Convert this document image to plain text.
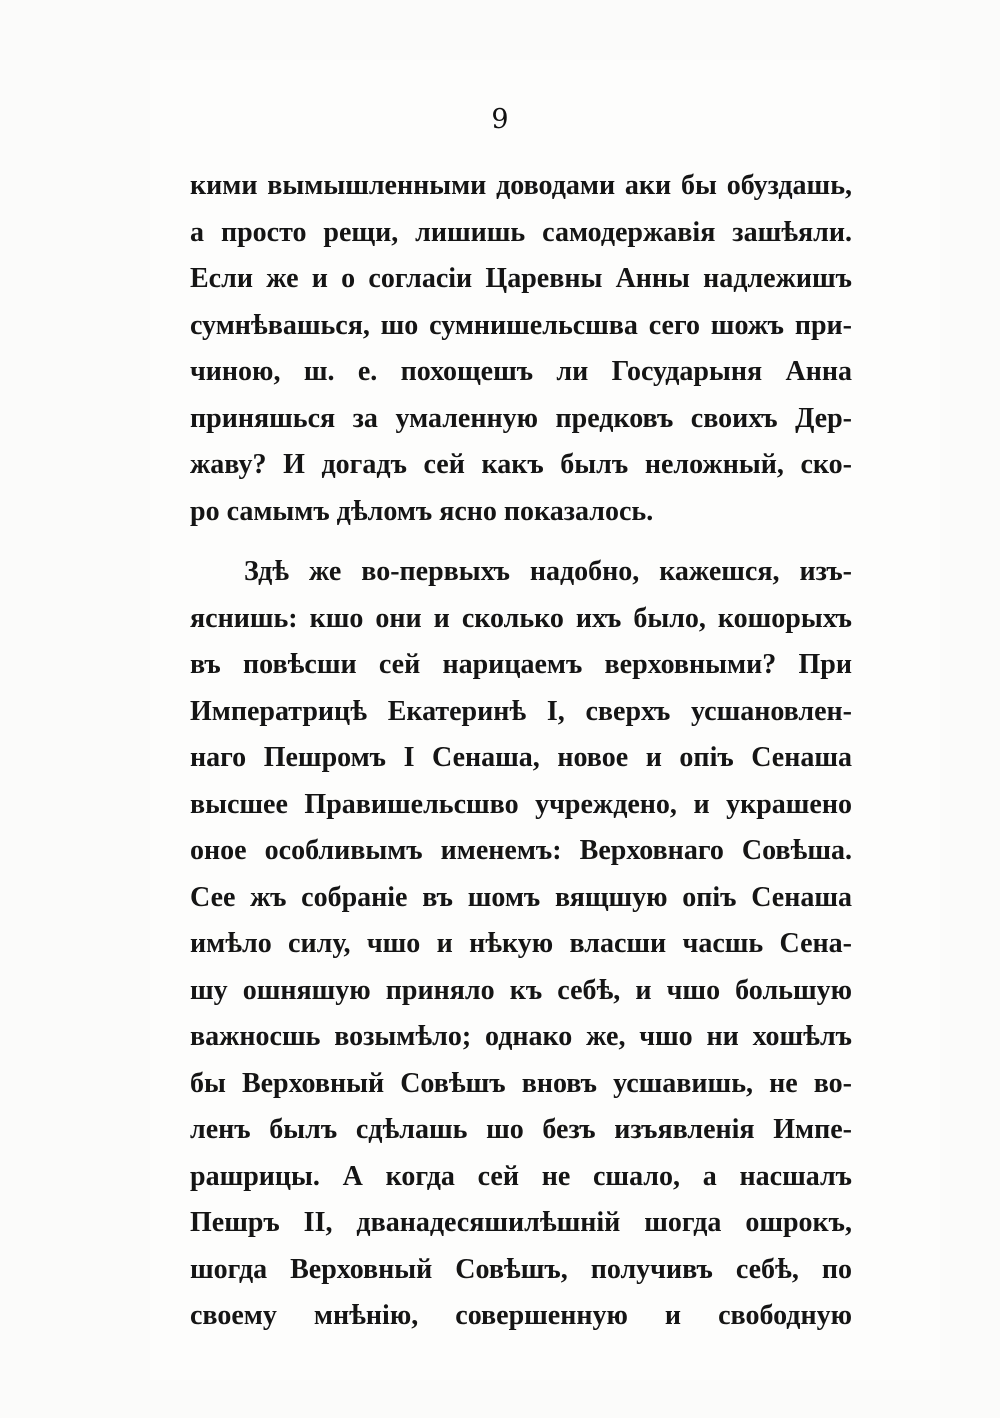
9
кими вымышленными доводами аки бы обуздашь,
а просто рещи, лишишь самодержавія зашѣяли.
Если же и о согласіи Царевны Анны надлежишъ
сумнѣвашься, шо сумнишельсшва сего шожъ при-
чиною, ш. е. похощешъ ли Государыня Анна
приняшься за умаленную предковъ своихъ Дер-
жаву? И догадъ сей какъ былъ неложный, ско-
ро самымъ дѣломъ ясно показалось.
Здѣ же во-первыхъ надобно, кажешся, изъ-
яснишь: кшо они и сколько ихъ было, кошорыхъ
въ повѣсши сей нарицаемъ верховными? При
Императрицѣ Екатеринѣ I, сверхъ усшановлен-
наго Пешромъ I Сенаша, новое и опіъ Сенаша
высшее Правишельсшво учреждено, и украшено
оное особливымъ именемъ: Верховнаго Совѣша.
Сее жъ собраніе въ шомъ вящшую опіъ Сенаша
имѣло силу, чшо и нѣкую власши часшь Сена-
шу ошняшую приняло къ себѣ, и чшо большую
важносшь возымѣло; однако же, чшо ни хошѣлъ
бы Верховный Совѣшъ вновъ усшавишь, не во-
ленъ былъ сдѣлашь шо безъ изъявленія Импе-
рашрицы. А когда сей не сшало, а насшалъ
Пешръ II, дванадесяшилѣшній шогда ошрокъ,
шогда Верховный Совѣшъ, получивъ себѣ, по
своему мнѣнію, совершенную и свободную
